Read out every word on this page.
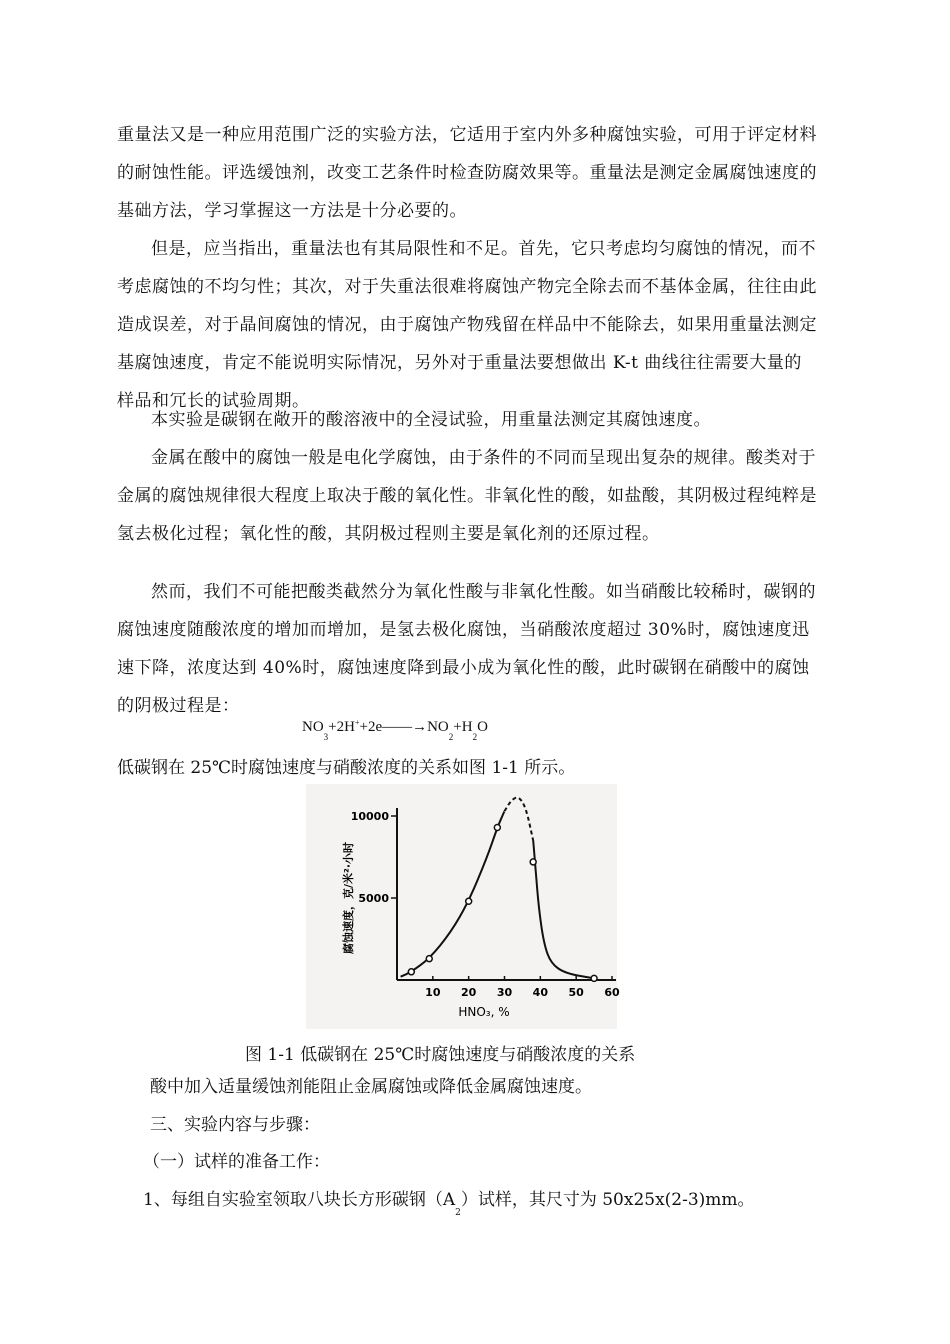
重量法又是一种应用范围广泛的实验方法，它适用于室内外多种腐蚀实验，可用于评定材料的耐蚀性能。评选缓蚀剂，改变工艺条件时检查防腐效果等。重量法是测定金属腐蚀速度的基础方法，学习掌握这一方法是十分必要的。
但是，应当指出，重量法也有其局限性和不足。首先，它只考虑均匀腐蚀的情况，而不考虑腐蚀的不均匀性；其次，对于失重法很难将腐蚀产物完全除去而不基体金属，往往由此造成误差，对于晶间腐蚀的情况，由于腐蚀产物残留在样品中不能除去，如果用重量法测定基腐蚀速度，肯定不能说明实际情况，另外对于重量法要想做出 K-t 曲线往往需要大量的样品和冗长的试验周期。
本实验是碳钢在敞开的酸溶液中的全浸试验，用重量法测定其腐蚀速度。
金属在酸中的腐蚀一般是电化学腐蚀，由于条件的不同而呈现出复杂的规律。酸类对于金属的腐蚀规律很大程度上取决于酸的氧化性。非氧化性的酸，如盐酸，其阴极过程纯粹是氢去极化过程；氧化性的酸，其阴极过程则主要是氧化剂的还原过程。
然而，我们不可能把酸类截然分为氧化性酸与非氧化性酸。如当硝酸比较稀时，碳钢的腐蚀速度随酸浓度的增加而增加，是氢去极化腐蚀，当硝酸浓度超过 30%时，腐蚀速度迅速下降，浓度达到 40%时，腐蚀速度降到最小成为氧化性的酸，此时碳钢在硝酸中的腐蚀的阴极过程是：
$NO_3+2H^++2e——\to NO_2+H_2O$
低碳钢在 25℃时腐蚀速度与硝酸浓度的关系如图 1-1 所示。
10 20 30 40 50 60
5000
10000
腐蚀速度，克/米²·小时
HNO₃, %
图 1-1 低碳钢在 25℃时腐蚀速度与硝酸浓度的关系
酸中加入适量缓蚀剂能阻止金属腐蚀或降低金属腐蚀速度。
三、实验内容与步骤：
（一）试样的准备工作：
1、每组自实验室领取八块长方形碳钢$(A_2)$试样，其尺寸为 50x25x(2-3)mm。
